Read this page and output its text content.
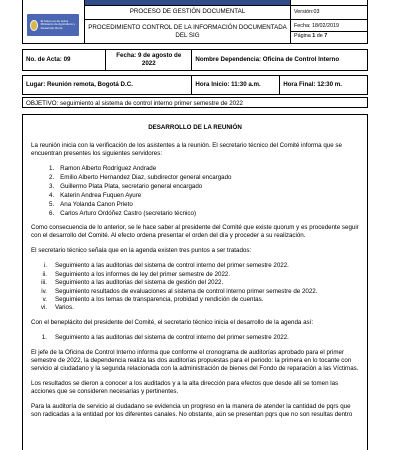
El futuro es de todos
Ministerio de Agricultura y Desarrollo Rural		

	PROCESO DE GESTIÓN DOCUMENTAL	Versión:03
	PROCEDIMIENTO CONTROL DE LA INFORMACIÓN DOCUMENTADA DEL SIG	Fecha: 18/02/2019
Página 1 de 7
No. de Acta: 09	Fecha: 9 de agosto de 2022	Nombre Dependencia: Oficina de Control Interno	

Lugar: Reunión remota, Bogotá D.C.		Hora Inicio: 11:30 a.m.	Hora Final: 12:30 m.
OBJETIVO: seguimiento al sistema de control interno primer semestre de 2022
DESARROLLO DE LA REUNIÓN
La reunión inicia con la verificación de los asistentes a la reunión. El secretario técnico del Comité informa que se encuentran presentes los siguientes servidores:
1. Ramon Alberto Rodríguez Andrade
2. Emilio Alberto Hernandez Diaz, subdirector general encargado
3. Guillermo Plata Plata, secretario general encargado
4. Katerin Andrea Fuquen Ayure
5. Ana Yolanda Canon Prieto
6. Carlos Arturo Ordóñez Castro (secretario técnico)
Como consecuencia de lo anterior, se le hace saber al presidente del Comité que existe quorum y es procedente seguir con el desarrollo del Comité. Al efecto ordena presentar el orden del día y proceder a su realización.
El secretario técnico señala que en la agenda existen tres puntos a ser tratados:
i.	Seguimiento a las auditorias del sistema de control interno del primer semestre 2022.
ii.	Seguimiento a los informes de ley del primer semestre de 2022.
iii.	Seguimiento a las auditorias del sistema de gestión del 2022.
iv.	Seguimiento resultados de evaluaciones al sistema de control interno primer semestre de 2022.
v.	Seguimiento a los temas de transparencia, probidad y rendición de cuentas.
vi.	Varios.
Con el beneplácito del presidente del Comité, el secretario técnico inicia el desarrollo de la agenda así:
1.	Seguimiento a las auditorias del sistema de control interno del primer semestre 2022.
El jefe de la Oficina de Control Interno informa que conforme el cronograma de auditorías aprobado para el primer semestre de 2022, la dependencia realiza las dos auditorías propuestas para el periodo: la primera en lo tocante con servicio al ciudadano y la segunda relacionada con la administración de bienes del Fondo de reparación a las Víctimas.
Los resultados se dieron a conocer a los auditados y a la alta dirección para efectos que desde allí se tomen las acciones que se consideren necesarias y pertinentes.
Para la auditoría de servicio al ciudadano se evidencia un progreso en la manera de atender la cantidad de pqrs que son radicadas a la entidad por los diferentes canales. No obstante, aún se presentan pqrs que no son resultas dentro
